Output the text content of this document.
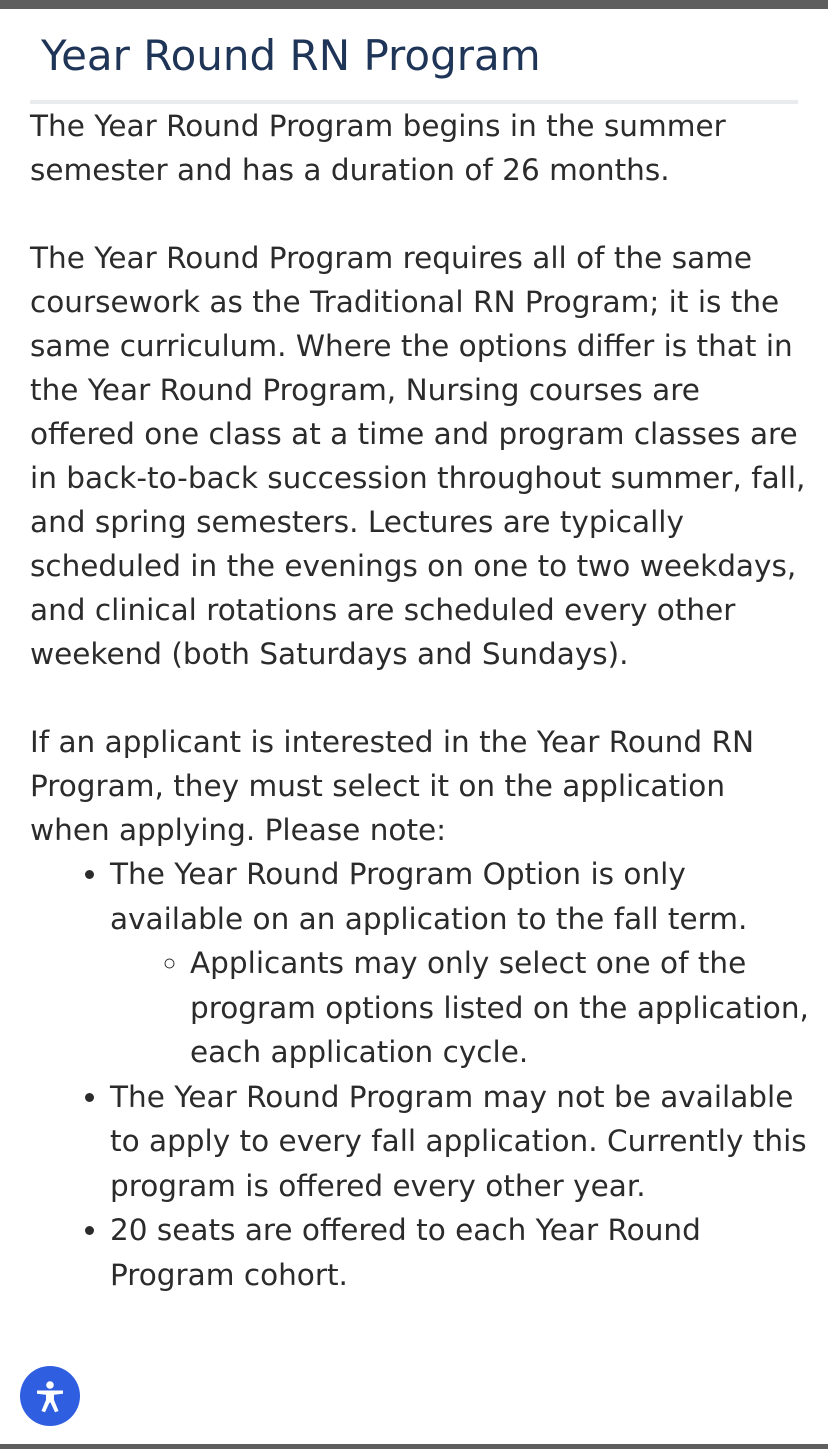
Year Round RN Program

The Year Round Program begins in the summer semester and has a duration of 26 months.

The Year Round Program requires all of the same coursework as the Traditional RN Program; it is the same curriculum. Where the options differ is that in the Year Round Program, Nursing courses are offered one class at a time and program classes are in back-to-back succession throughout summer, fall, and spring semesters. Lectures are typically scheduled in the evenings on one to two weekdays, and clinical rotations are scheduled every other weekend (both Saturdays and Sundays).

If an applicant is interested in the Year Round RN Program, they must select it on the application when applying. Please note:

• The Year Round Program Option is only available on an application to the fall term.
◦ Applicants may only select one of the program options listed on the application, each application cycle.
• The Year Round Program may not be available to apply to every fall application. Currently this program is offered every other year.
• 20 seats are offered to each Year Round Program cohort.
